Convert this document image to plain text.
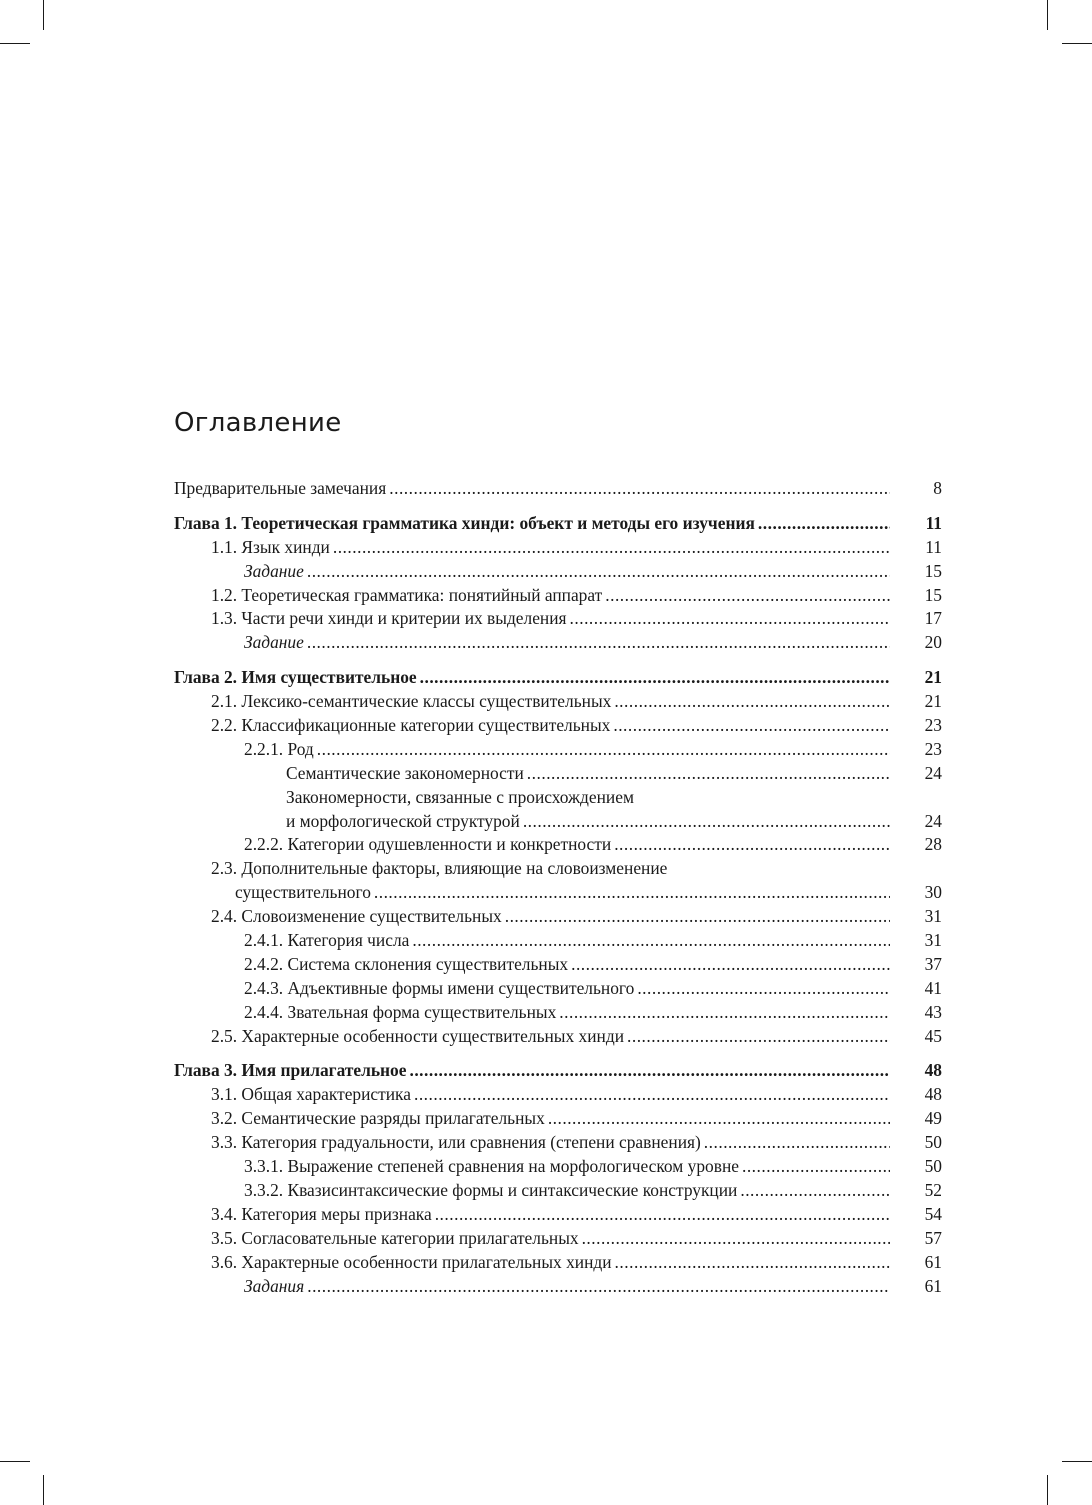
Оглавление
Предварительные замечания .....	8
Глава 1. Теоретическая грамматика хинди: объект и методы его изучения .....	11
1.1. Язык хинди .....	11
Задание .....	15
1.2. Теоретическая грамматика: понятийный аппарат .....	15
1.3. Части речи хинди и критерии их выделения .....	17
Задание .....	20
Глава 2. Имя существительное .....	21
2.1. Лексико-семантические классы существительных .....	21
2.2. Классификационные категории существительных .....	23
2.2.1. Род .....	23
Семантические закономерности .....	24
Закономерности, связанные с происхождением
и морфологической структурой .....	24
2.2.2. Категории одушевленности и конкретности .....	28
2.3. Дополнительные факторы, влияющие на словоизменение
существительного .....	30
2.4. Словоизменение существительных .....	31
2.4.1. Категория числа .....	31
2.4.2. Система склонения существительных .....	37
2.4.3. Адъективные формы имени существительного .....	41
2.4.4. Звательная форма существительных .....	43
2.5. Характерные особенности существительных хинди .....	45
Глава 3. Имя прилагательное .....	48
3.1. Общая характеристика .....	48
3.2. Семантические разряды прилагательных .....	49
3.3. Категория градуальности, или сравнения (степени сравнения) .....	50
3.3.1. Выражение степеней сравнения на морфологическом уровне .....	50
3.3.2. Квазисинтаксические формы и синтаксические конструкции .....	52
3.4. Категория меры признака .....	54
3.5. Согласовательные категории прилагательных .....	57
3.6. Характерные особенности прилагательных хинди .....	61
Задания .....	61
